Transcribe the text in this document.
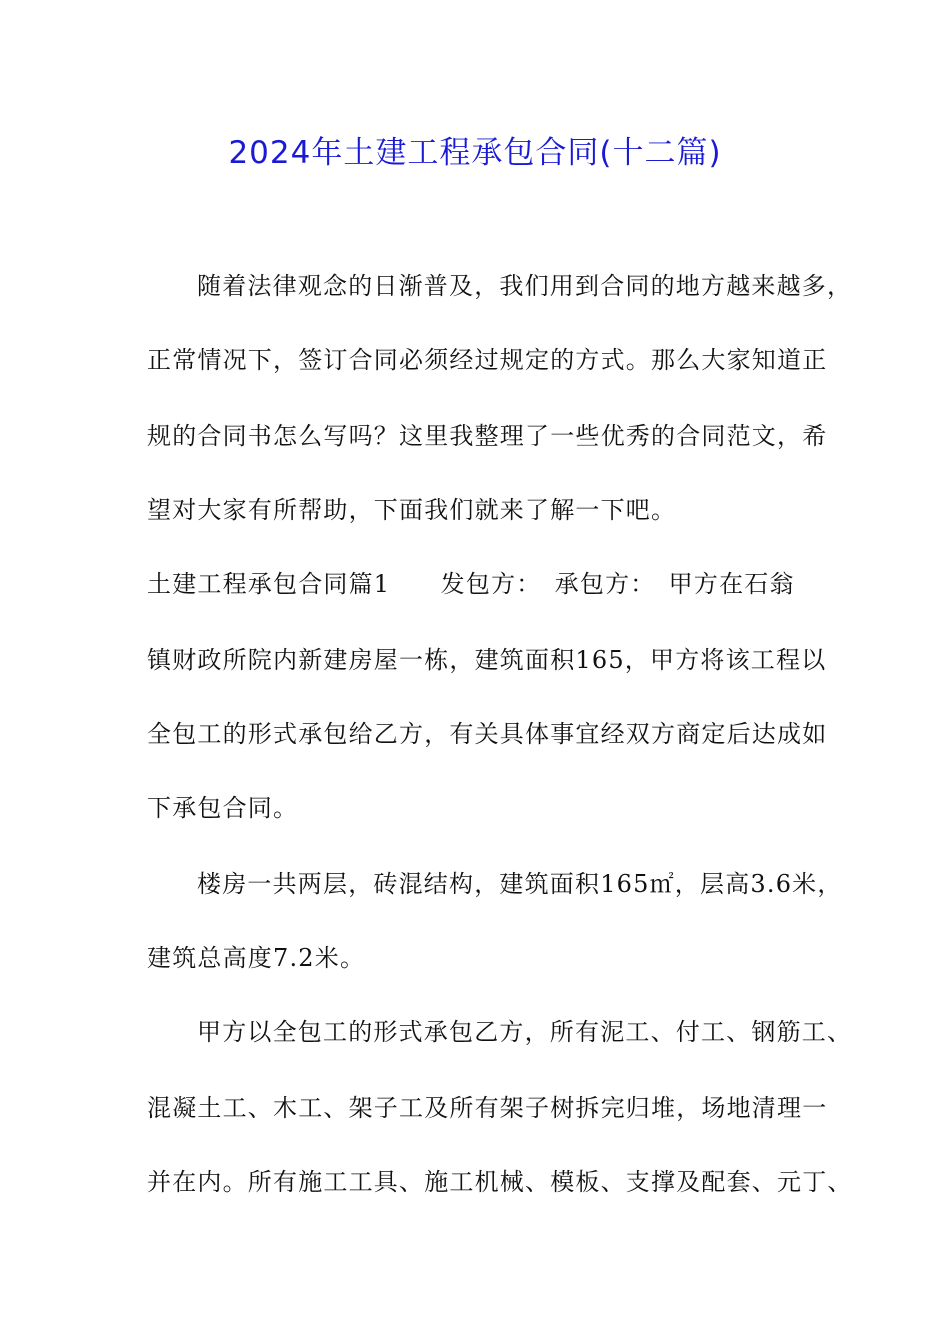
2024年土建工程承包合同(十二篇)
随着法律观念的日渐普及，我们用到合同的地方越来越多，
正常情况下，签订合同必须经过规定的方式。那么大家知道正
规的合同书怎么写吗？这里我整理了一些优秀的合同范文，希
望对大家有所帮助，下面我们就来了解一下吧。
土建工程承包合同篇1　　发包方：　承包方：　甲方在石翁
镇财政所院内新建房屋一栋，建筑面积165，甲方将该工程以
全包工的形式承包给乙方，有关具体事宜经双方商定后达成如
下承包合同。
楼房一共两层，砖混结构，建筑面积165㎡，层高3.6米，
建筑总高度7.2米。
甲方以全包工的形式承包乙方，所有泥工、付工、钢筋工、
混凝土工、木工、架子工及所有架子树拆完归堆，场地清理一
并在内。所有施工工具、施工机械、模板、支撑及配套、元丁、
